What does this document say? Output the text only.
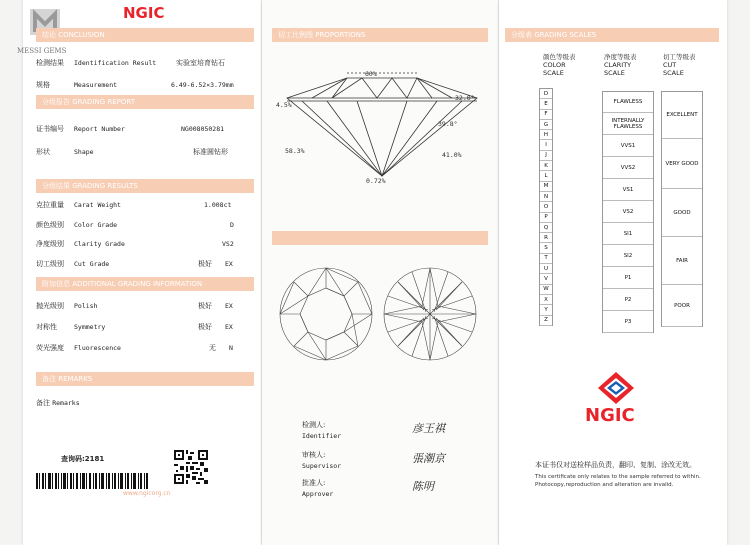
MESSI GEMS
NGIC
结论 CONCLUSION
检测结果 Identification Result	实验室培育钻石
规格	Measurement	6.49-6.52×3.79mm
分级报告 GRADING REPORT
证书编号 Report Number	NG008050281
形状	Shape	标准圆钻形
分级结果 GRADING RESULTS
克拉重量 Carat Weight	1.008ct
颜色级别 Color Grade	D
净度级别 Clarity Grade	VS2
切工级别 Cut Grade	极好 EX
附加信息 ADDITIONAL GRADING INFORMATION
抛光级别 Polish	极好 EX
对称性	Symmetry	极好 EX
荧光强度 Fluorescence	无 N
备注 REMARKS
备注 Remarks
查询码:2181
www.ngicorg.cn
切工比例图 PROPORTIONS
60%
4.5%
32.0°
39.8°
58.3%	41.0%
0.72%
检测人:
Identifier
彦王祺
审核人:
Supervisor
張潮京
批准人:
Approver
陈明
分级表 GRADING SCALES
颜色等级表
COLOR
SCALE
净度等级表
CLARITY
SCALE
切工等级表
CUT
SCALE
D
E
F
G
H
I
J
K
L
M
N
O
P
Q
R
S
T
U
V
W
X
Y
Z
FLAWLESS
INTERNALLY FLAWLESS
VVS1
VVS2
VS1
VS2
SI1
SI2
P1
P2
P3
EXCELLENT
VERY GOOD
GOOD
FAIR
POOR
NGIC
本证书仅对送检样品负责，翻印、复制、涂改无效。
This certificate only relates to the sample referred to within.
Photocopy,reproduction and alteration are invalid.
